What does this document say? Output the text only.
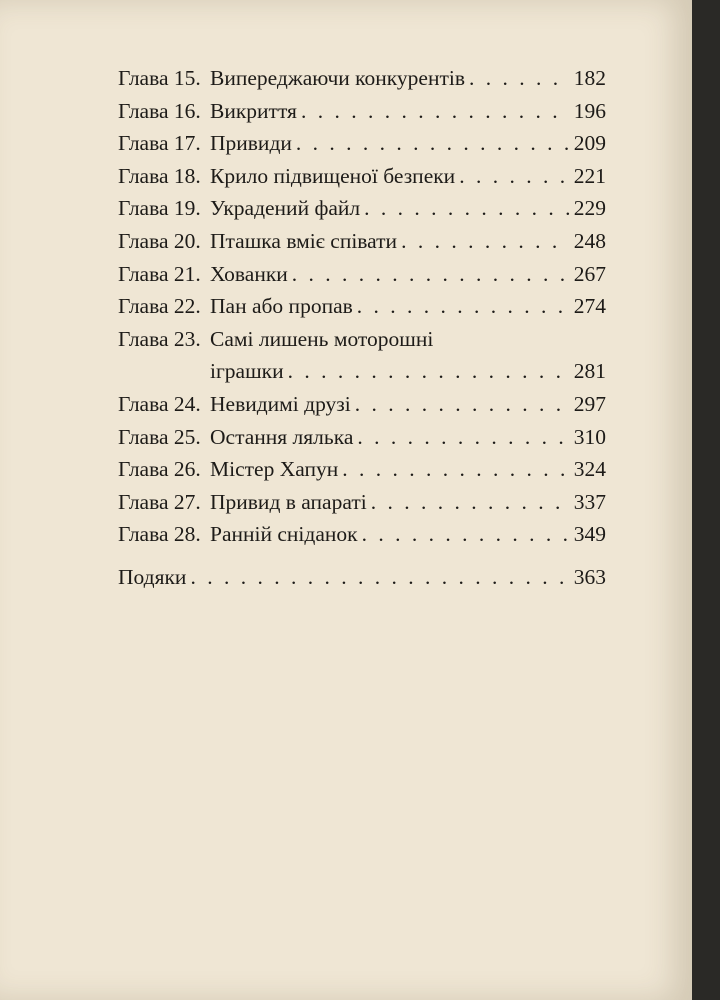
Глава 15. Випереджаючи конкурентів . . .	182
Глава 16. Викриття . . .	196
Глава 17. Привиди . . .	209
Глава 18. Крило підвищеної безпеки . . .	221
Глава 19. Украдений файл . . .	229
Глава 20. Пташка вміє співати . . .	248
Глава 21. Хованки . . .	267
Глава 22. Пан або пропав . . .	274
Глава 23. Самі лишень моторошні
іграшки . . .	281
Глава 24. Невидимі друзі . . .	297
Глава 25. Остання лялька . . .	310
Глава 26. Містер Хапун . . .	324
Глава 27. Привид в апараті . . .	337
Глава 28. Ранній сніданок . . .	349
Подяки . . .	363
